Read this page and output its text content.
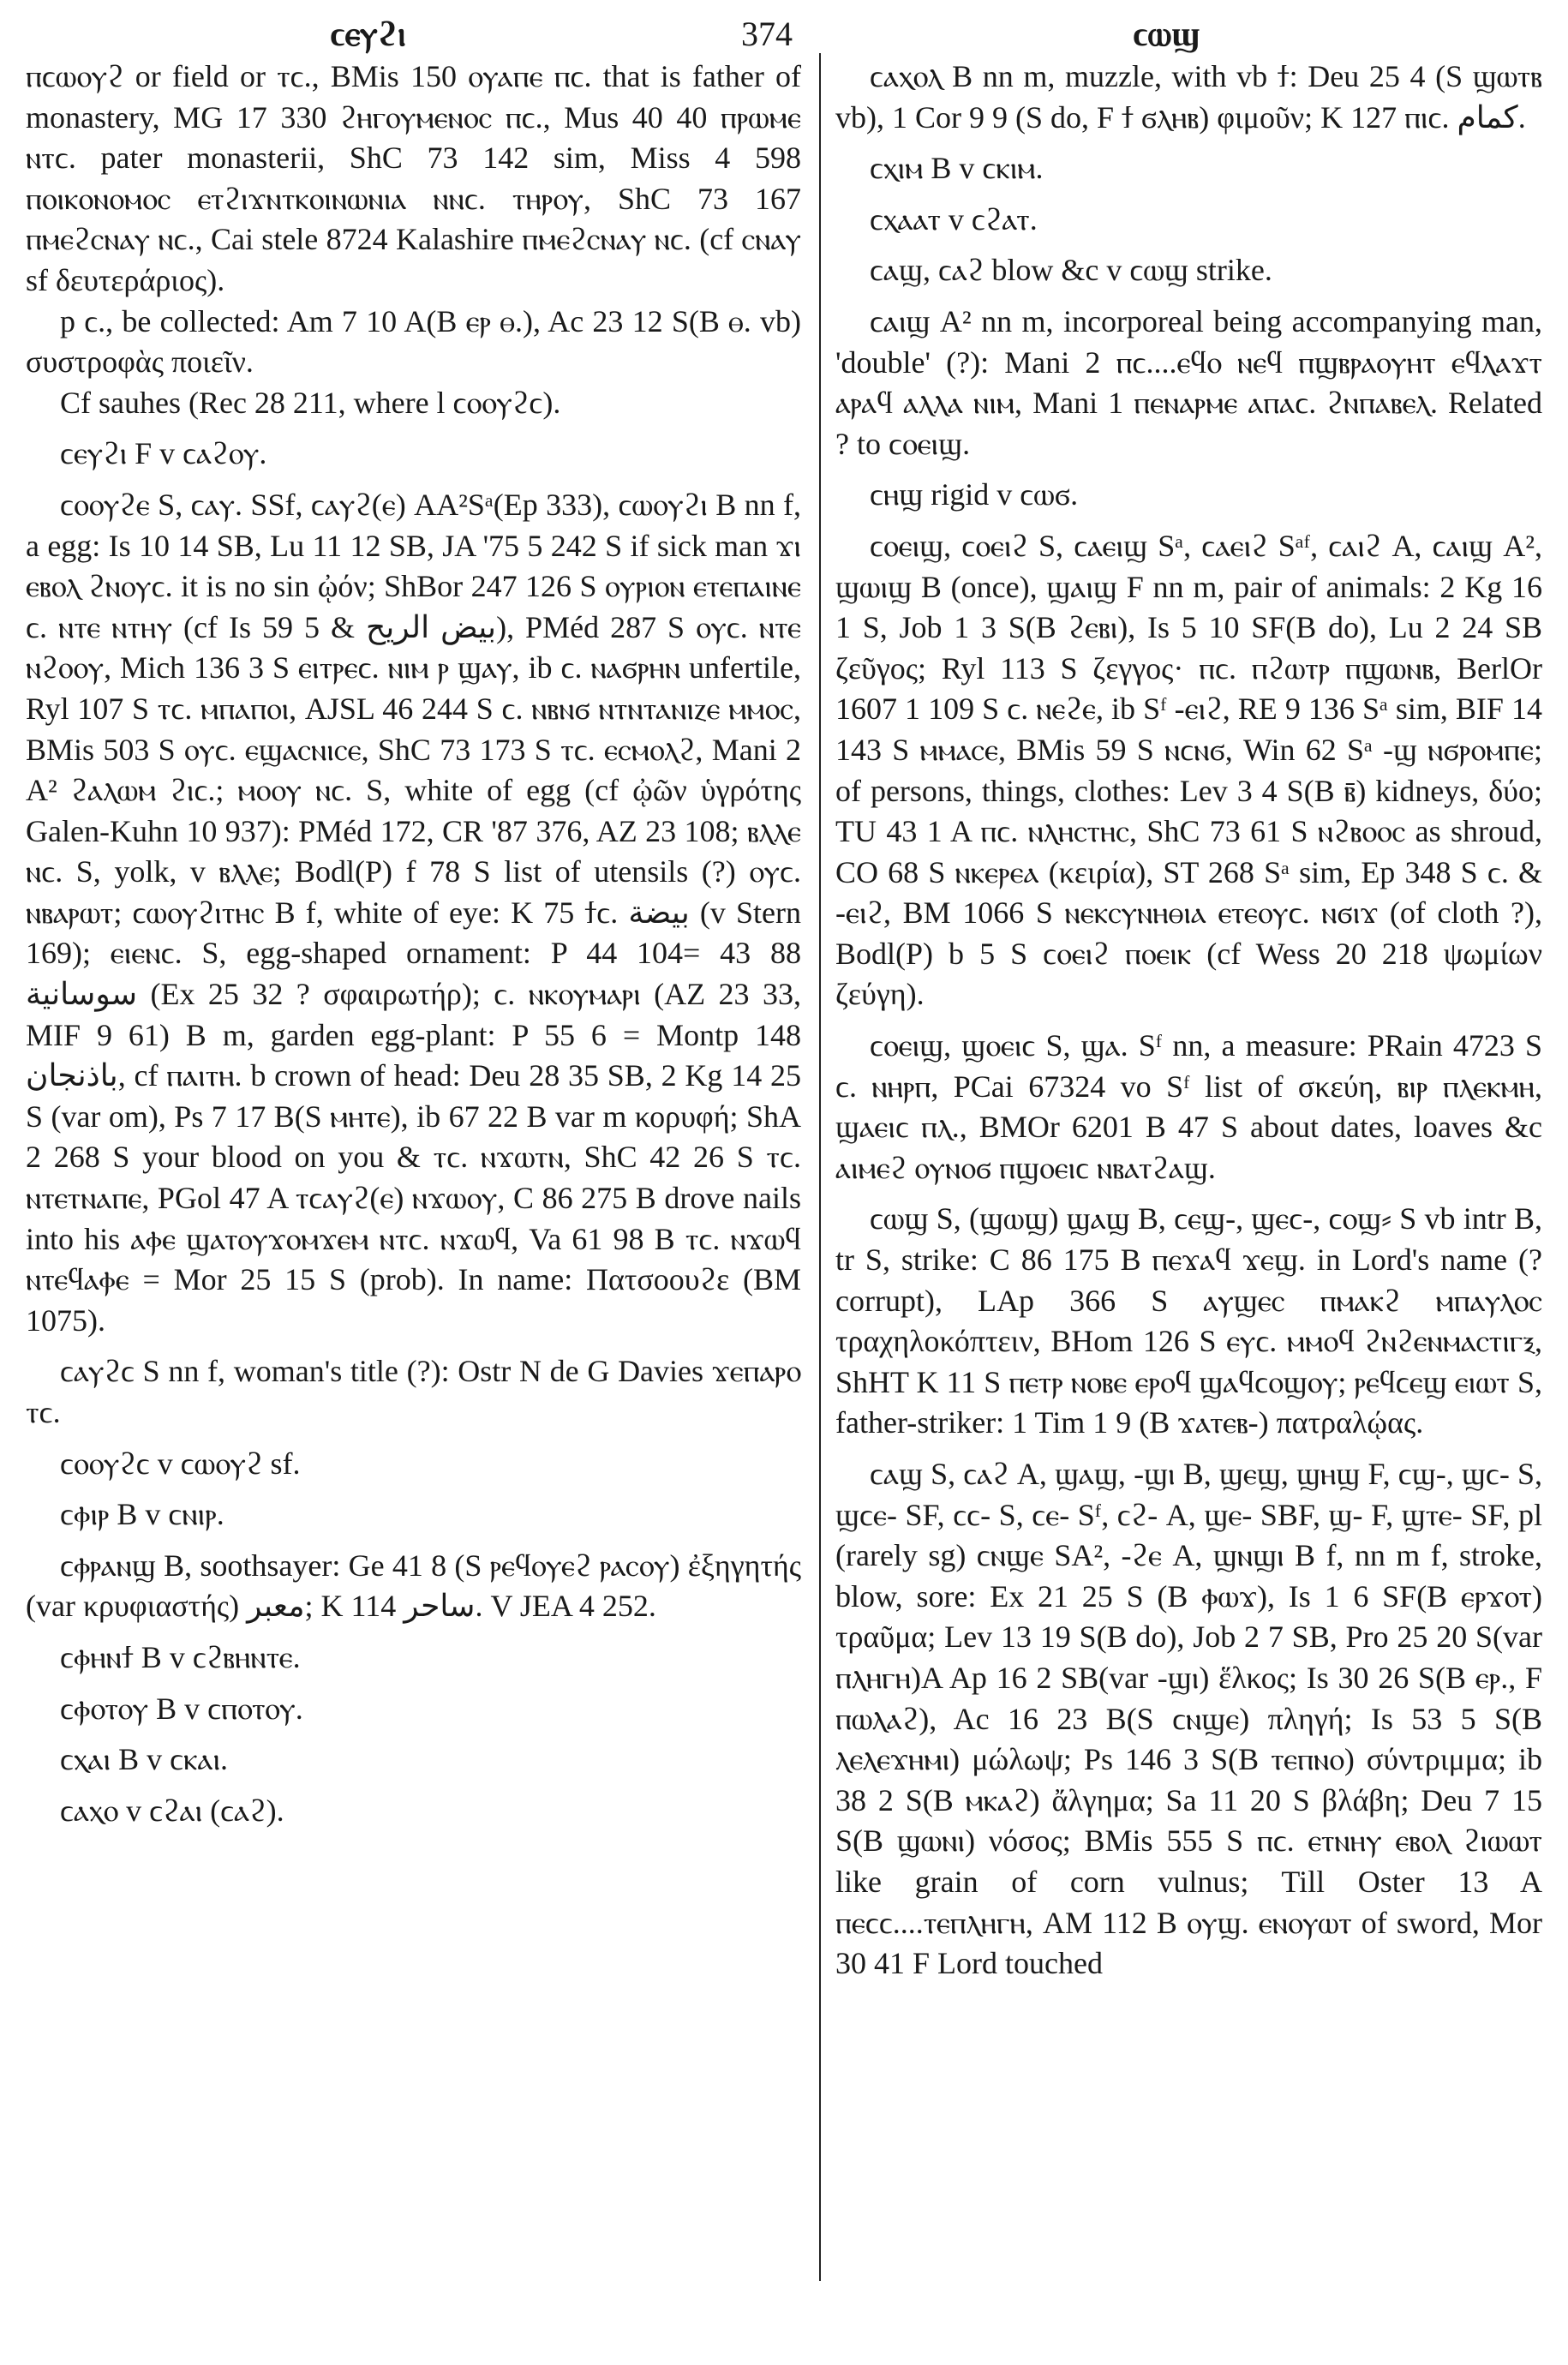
ϲⲉⲩϩⲓ	374	ϲⲱϣ

ⲡϲⲱⲟⲩϩ or field or ⲧϲ., BMis 150 ⲟⲩⲁⲡⲉ ⲡϲ. that is father of monastery, MG 17 330 ϩⲏⲅⲟⲩⲙⲉⲛⲟⲥ ⲡϲ., Mus 40 40 ⲡⲣⲱⲙⲉ ⲛⲧϲ. pater monasterii, ShC 73 142 sim, Miss 4 598 ⲡⲟⲓⲕⲟⲛⲟⲙⲟⲥ ⲉⲧϩⲓϫⲛⲧⲕⲟⲓⲛⲱⲛⲓⲁ ⲛⲛϲ. ⲧⲏⲣⲟⲩ, ShC 73 167 ⲡⲙⲉϩⲥⲛⲁⲩ ⲛϲ., Cai stele 8724 Kalashire ⲡⲙⲉϩⲥⲛⲁⲩ ⲛϲ. (cf ⲥⲛⲁⲩ sf δευτεράριος).

p ϲ., be collected: Am 7 10 A(B ⲉⲣ ⲑ.), Ac 23 12 S(B ⲑ. vb) συστροφὰς ποιεῖν.

Cf sauhes (Rec 28 211, where l ϲⲟⲟⲩϩϲ).

ϲⲉⲩϩⲓ F v ϲⲁϩⲟⲩ.

ϲⲟⲟⲩϩⲉ S, ϲⲁⲩ. SSf, ϲⲁⲩϩ(ⲉ) AA²Sᵃ(Ep 333), ϲⲱⲟⲩϩⲓ B nn f, a egg: Is 10 14 SB, Lu 11 12 SB, JA '75 5 242 S if sick man ϫⲓ ⲉⲃⲟⲗ ϩⲛⲟⲩϲ. it is no sin ᾠόν; ShBor 247 126 S ⲟⲩⲣⲓⲟⲛ ⲉⲧⲉⲡⲁⲓⲛⲉ ϲ. ⲛⲧⲉ ⲛⲧⲏⲩ (cf Is 59 5 & بيض الريح), PMéd 287 S ⲟⲩϲ. ⲛⲧⲉ ⲛϩⲟⲟⲩ, Mich 136 3 S ⲉⲓⲧⲣⲉϲ. ⲛⲓⲙ ⲣ ϣⲁⲩ, ib ϲ. ⲛⲁϭⲣⲏⲛ unfertile, Ryl 107 S ⲧϲ. ⲙⲡⲁⲡⲟⲓ, AJSL 46 244 S ϲ. ⲛⲃⲛϭ ⲛⲧⲛⲧⲁⲛⲓⲍⲉ ⲙⲙⲟⲥ, BMis 503 S ⲟⲩϲ. ⲉϣⲁⲥⲛⲓⲥⲉ, ShC 73 173 S ⲧϲ. ⲉⲥⲙⲟⲗϩ, Mani 2 A² ϩⲁⲗⲱⲙ ϩⲓϲ.; ⲙⲟⲟⲩ ⲛϲ. S, white of egg (cf ᾠῶν ὑγρότης Galen-Kuhn 10 937): PMéd 172, CR '87 376, AZ 23 108; ⲃⲗⲗⲉ ⲛϲ. S, yolk, v ⲃⲗⲗⲉ; Bodl(P) f 78 S list of utensils (?) ⲟⲩϲ. ⲛⲃⲁⲣⲱⲧ; ϲⲱⲟⲩϩⲓⲧⲏⲥ B f, white of eye: K 75 ϯϲ. بيضة (v Stern 169); ⲉⲓⲉⲛϲ. S, egg-shaped ornament: P 44 104= 43 88 سوسانية (Ex 25 32 ? σφαιρωτήρ); ϲ. ⲛⲕⲟⲩⲙⲁⲣⲓ (AZ 23 33, MIF 9 61) B m, garden egg-plant: P 55 6 = Montp 148 باذنجان, cf ⲡⲁⲓⲧⲏ. b crown of head: Deu 28 35 SB, 2 Kg 14 25 S (var om), Ps 7 17 B(S ⲙⲏⲧⲉ), ib 67 22 B var m κορυφή; ShA 2 268 S your blood on you & ⲧϲ. ⲛϫⲱⲧⲛ, ShC 42 26 S ⲧϲ. ⲛⲧⲉⲧⲛⲁⲡⲉ, PGol 47 A ⲧϲⲁⲩϩ(ⲉ) ⲛϫⲱⲟⲩ, C 86 275 B drove nails into his ⲁⲫⲉ ϣⲁⲧⲟⲩϫⲟⲙϫⲉⲙ ⲛⲧϲ. ⲛϫⲱϥ, Va 61 98 B ⲧϲ. ⲛϫⲱϥ ⲛⲧⲉϥⲁⲫⲉ = Mor 25 15 S (prob). In name: Πατσοουϩε (BM 1075).

ϲⲁⲩϩϲ S nn f, woman's title (?): Ostr N de G Davies ϫⲉⲡⲁⲣⲟ ⲧϲ.

ϲⲟⲟⲩϩϲ v ϲⲱⲟⲩϩ sf.

ϲⲫⲓⲣ B v ϲⲛⲓⲣ.

ϲⲫⲣⲁⲛϣ B, soothsayer: Ge 41 8 (S ⲣⲉϥⲟⲩⲉϩ ⲣⲁⲥⲟⲩ) ἐξηγητής (var κρυφιαστής) معبر; K 114 ساحر. V JEA 4 252.

ϲⲫⲏⲛϯ B v ϲϩⲃⲏⲛⲧⲉ.

ϲⲫⲟⲧⲟⲩ B v ϲⲡⲟⲧⲟⲩ.

ϲⲭⲁⲓ B v ϲⲕⲁⲓ.

ϲⲁⲭⲟ v ϲϩⲁⲓ (ϲⲁϩ).

ϲⲁⲭⲟⲗ B nn m, muzzle, with vb ϯ: Deu 25 4 (S ϣⲱⲧⲃ vb), 1 Cor 9 9 (S do, F ϯ ϭⲗⲏⲃ) φιμοῦν; K 127 ⲡⲓϲ. كمام.

ϲⲭⲓⲙ B v ϲⲕⲓⲙ.

ϲⲭⲁⲁⲧ v ϲϩⲁⲧ.

ϲⲁϣ, ϲⲁϩ blow &c v ϲⲱϣ strike.

ϲⲁⲓϣ A² nn m, incorporeal being accompanying man, 'double' (?): Mani 2 ⲡϲ....ⲉϥⲟ ⲛⲉϥ ⲡϣⲃⲣⲁⲟⲩⲏⲧ ⲉϥⲗⲁϫⲧ ⲁⲣⲁϥ ⲁⲗⲗⲁ ⲛⲓⲙ, Mani 1 ⲡⲉⲛⲁⲣⲙⲉ ⲁⲡⲁϲ. ϩⲛⲡⲁⲃⲉⲗ. Related ? to ϲⲟⲉⲓϣ.

ϲⲏϣ rigid v ϲⲱϭ.

ϲⲟⲉⲓϣ, ϲⲟⲉⲓϩ S, ϲⲁⲉⲓϣ Sᵃ, ϲⲁⲉⲓϩ Sᵃᶠ, ϲⲁⲓϩ A, ϲⲁⲓϣ A², ϣⲱⲓϣ B (once), ϣⲁⲓϣ F nn m, pair of animals: 2 Kg 16 1 S, Job 1 3 S(B ϩⲉⲃⲓ), Is 5 10 SF(B do), Lu 2 24 SB ζεῦγος; Ryl 113 S ζεγγος· ⲡϲ. ⲡϩⲱⲧⲣ ⲡϣⲱⲛⲃ, BerlOr 1607 1 109 S ϲ. ⲛⲉϩⲉ, ib Sᶠ -ⲉⲓϩ, RE 9 136 Sᵃ sim, BIF 14 143 S ⲙⲙⲁⲥⲉ, BMis 59 S ⲛϲⲛϭ, Win 62 Sᵃ -ϣ ⲛϭⲣⲟⲙⲡⲉ; of persons, things, clothes: Lev 3 4 S(B ⲃ̄) kidneys, δύο; TU 43 1 A ⲡϲ. ⲛⲗⲏⲥⲧⲏⲥ, ShC 73 61 S ⲛϩⲃⲟⲟⲥ as shroud, CO 68 S ⲛⲕⲉⲣⲉⲁ (κειρία), ST 268 Sᵃ sim, Ep 348 S ϲ. & -ⲉⲓϩ, BM 1066 S ⲛⲉⲕⲥⲩⲛⲏⲑⲓⲁ ⲉⲧⲉⲟⲩϲ. ⲛϭⲓϫ (of cloth ?), Bodl(P) b 5 S ϲⲟⲉⲓϩ ⲡⲟⲉⲓⲕ (cf Wess 20 218 ψωμίων ζεύγη).

ϲⲟⲉⲓϣ, ϣⲟⲉⲓϲ S, ϣⲁ. Sᶠ nn, a measure: PRain 4723 S ϲ. ⲛⲏⲣⲡ, PCai 67324 vo Sᶠ list of σκεύη, ⲃⲓⲣ ⲡⲗⲉⲕⲙⲏ, ϣⲁⲉⲓϲ ⲡⲗ., BMOr 6201 B 47 S about dates, loaves &c ⲁⲓⲙⲉϩ ⲟⲩⲛⲟϭ ⲡϣⲟⲉⲓϲ ⲛⲃⲁⲧϩⲁϣ.

ϲⲱϣ S, (ϣⲱϣ) ϣⲁϣ B, ϲⲉϣ-, ϣⲉϲ-, ϲⲟϣ⸗ S vb intr B, tr S, strike: C 86 175 B ⲡⲉϫⲁϥ ϫⲉϣ. in Lord's name (? corrupt), LAp 366 S ⲁⲩϣⲉⲥ ⲡⲙⲁⲕϩ ⲙⲡⲁⲩⲗⲟⲥ τραχηλοκόπτειν, BHom 126 S ⲉⲩϲ. ⲙⲙⲟϥ ϩⲛϩⲉⲛⲙⲁⲥⲧⲓⲅⲝ, ShHT K 11 S ⲡⲉⲧⲣ ⲛⲟⲃⲉ ⲉⲣⲟϥ ϣⲁϥϲⲟϣⲟⲩ; ⲣⲉϥϲⲉϣ ⲉⲓⲱⲧ S, father-striker: 1 Tim 1 9 (B ϫⲁⲧⲉⲃ-) πατραλῴας.

ϲⲁϣ S, ϲⲁϩ A, ϣⲁϣ, -ϣⲓ B, ϣⲉϣ, ϣⲏϣ F, ϲϣ-, ϣϲ- S, ϣϲⲉ- SF, ϲϲ- S, ϲⲉ- Sᶠ, ϲϩ- A, ϣⲉ- SBF, ϣ- F, ϣⲧⲉ- SF, pl (rarely sg) ϲⲛϣⲉ SA², -ϩⲉ A, ϣⲛϣⲓ B f, nn m f, stroke, blow, sore: Ex 21 25 S (B ⲫⲱϫ), Is 1 6 SF(B ⲉⲣϫⲟⲧ) τραῦμα; Lev 13 19 S(B do), Job 2 7 SB, Pro 25 20 S(var ⲡⲗⲏⲅⲏ)A Ap 16 2 SB(var -ϣⲓ) ἕλκος; Is 30 26 S(B ⲉⲣ., F ⲡⲱⲗⲁϩ), Ac 16 23 B(S ϲⲛϣⲉ) πληγή; Is 53 5 S(B ⲗⲉⲗⲉϫⲏⲙⲓ) μώλωψ; Ps 146 3 S(B ⲧⲉⲡⲛⲟ) σύντριμμα; ib 38 2 S(B ⲙⲕⲁϩ) ἄλγημα; Sa 11 20 S βλάβη; Deu 7 15 S(B ϣⲱⲛⲓ) νόσος; BMis 555 S ⲡϲ. ⲉⲧⲛⲏⲩ ⲉⲃⲟⲗ ϩⲓⲱⲱⲧ like grain of corn vulnus; Till Oster 13 A ⲡⲉϲϲ....ⲧⲉⲡⲗⲏⲅⲏ, AM 112 B ⲟⲩϣ. ⲉⲛⲟⲩⲱⲧ of sword, Mor 30 41 F Lord touched
